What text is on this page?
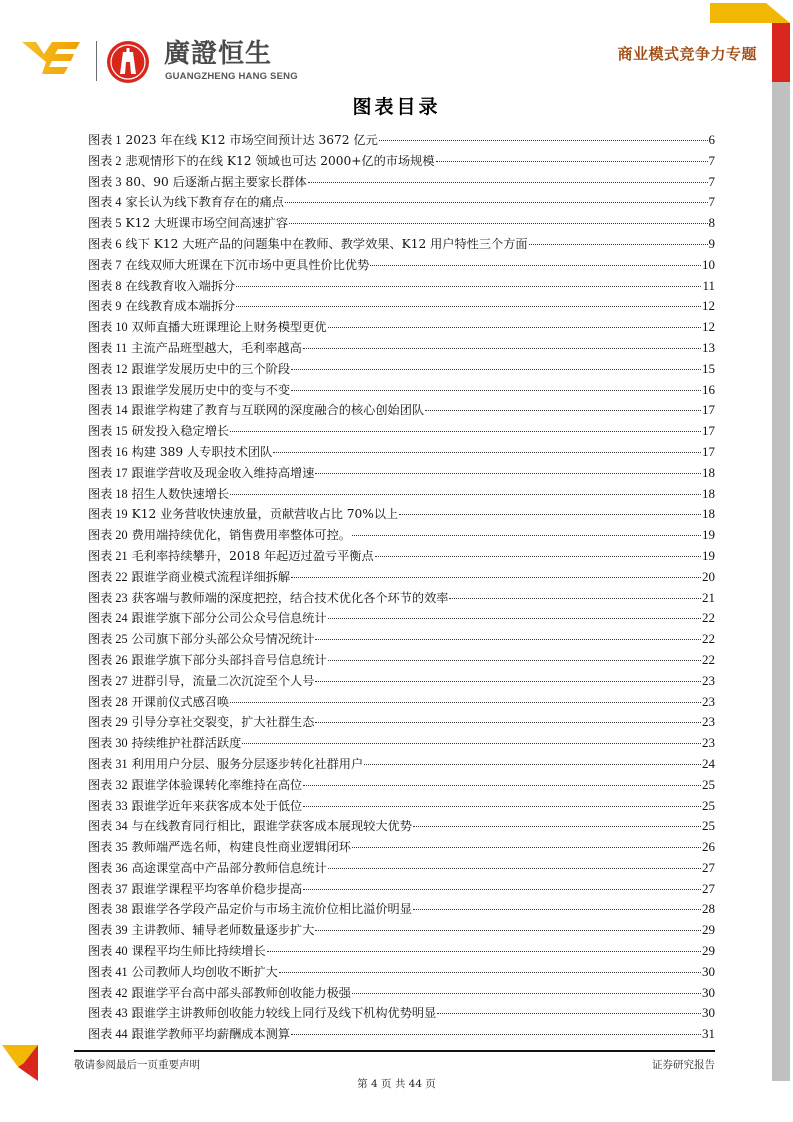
廣證恒生
GUANGZHENG HANG SENG
商业模式竞争力专题
图表目录
图表 1 2023 年在线 K12 市场空间预计达 3672 亿元	6
图表 2 悲观情形下的在线 K12 领域也可达 2000+亿的市场规模	7
图表 3 80、90 后逐渐占据主要家长群体	7
图表 4 家长认为线下教育存在的痛点	7
图表 5 K12 大班课市场空间高速扩容	8
图表 6 线下 K12 大班产品的问题集中在教师、教学效果、K12 用户特性三个方面	9
图表 7 在线双师大班课在下沉市场中更具性价比优势	10
图表 8 在线教育收入端拆分	11
图表 9 在线教育成本端拆分	12
图表 10 双师直播大班课理论上财务模型更优	12
图表 11 主流产品班型越大，毛利率越高	13
图表 12 跟谁学发展历史中的三个阶段	15
图表 13 跟谁学发展历史中的变与不变	16
图表 14 跟谁学构建了教育与互联网的深度融合的核心创始团队	17
图表 15 研发投入稳定增长	17
图表 16 构建 389 人专职技术团队	17
图表 17 跟谁学营收及现金收入维持高增速	18
图表 18 招生人数快速增长	18
图表 19 K12 业务营收快速放量，贡献营收占比 70%以上	18
图表 20 费用端持续优化，销售费用率整体可控。	19
图表 21 毛利率持续攀升，2018 年起迈过盈亏平衡点	19
图表 22 跟谁学商业模式流程详细拆解	20
图表 23 获客端与教师端的深度把控，结合技术优化各个环节的效率	21
图表 24 跟谁学旗下部分公司公众号信息统计	22
图表 25 公司旗下部分头部公众号情况统计	22
图表 26 跟谁学旗下部分头部抖音号信息统计	22
图表 27 进群引导，流量二次沉淀至个人号	23
图表 28 开课前仪式感召唤	23
图表 29 引导分享社交裂变，扩大社群生态	23
图表 30 持续维护社群活跃度	23
图表 31 利用用户分层、服务分层逐步转化社群用户	24
图表 32 跟谁学体验课转化率维持在高位	25
图表 33 跟谁学近年来获客成本处于低位	25
图表 34 与在线教育同行相比，跟谁学获客成本展现较大优势	25
图表 35 教师端严选名师，构建良性商业逻辑闭环	26
图表 36 高途课堂高中产品部分教师信息统计	27
图表 37 跟谁学课程平均客单价稳步提高	27
图表 38 跟谁学各学段产品定价与市场主流价位相比溢价明显	28
图表 39 主讲教师、辅导老师数量逐步扩大	29
图表 40 课程平均生师比持续增长	29
图表 41 公司教师人均创收不断扩大	30
图表 42 跟谁学平台高中部头部教师创收能力极强	30
图表 43 跟谁学主讲教师创收能力较线上同行及线下机构优势明显	30
图表 44 跟谁学教师平均薪酬成本测算	31
敬请参阅最后一页重要声明	证券研究报告
第 4 页 共 44 页
